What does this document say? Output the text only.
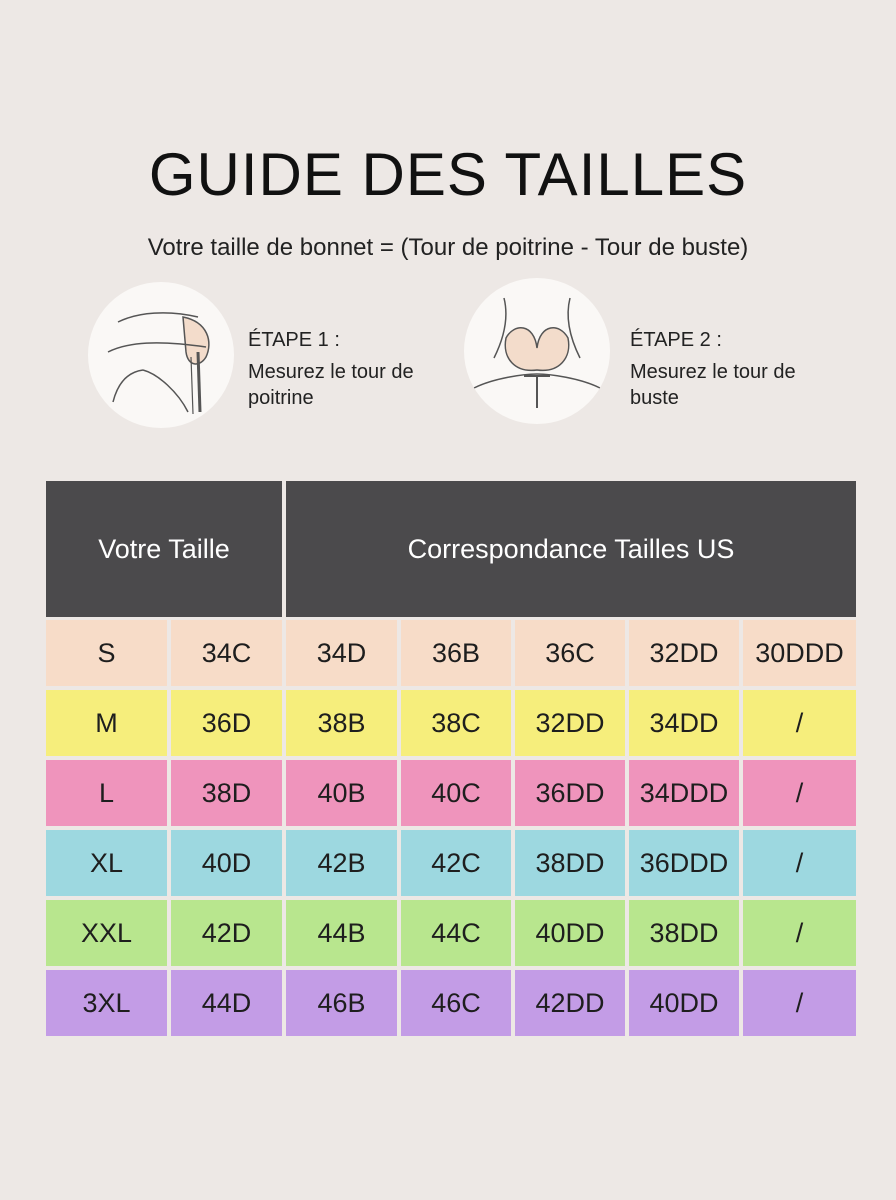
GUIDE DES TAILLES
Votre taille de bonnet = (Tour de poitrine - Tour de buste)
ÉTAPE 1 :
Mesurez le tour de poitrine
ÉTAPE 2 :
Mesurez le tour de buste
Votre Taille	Correspondance Tailles US
S	34C	34D	36B	36C	32DD	30DDD
M	36D	38B	38C	32DD	34DD	/
L	38D	40B	40C	36DD	34DDD	/
XL	40D	42B	42C	38DD	36DDD	/
XXL	42D	44B	44C	40DD	38DD	/
3XL	44D	46B	46C	42DD	40DD	/
